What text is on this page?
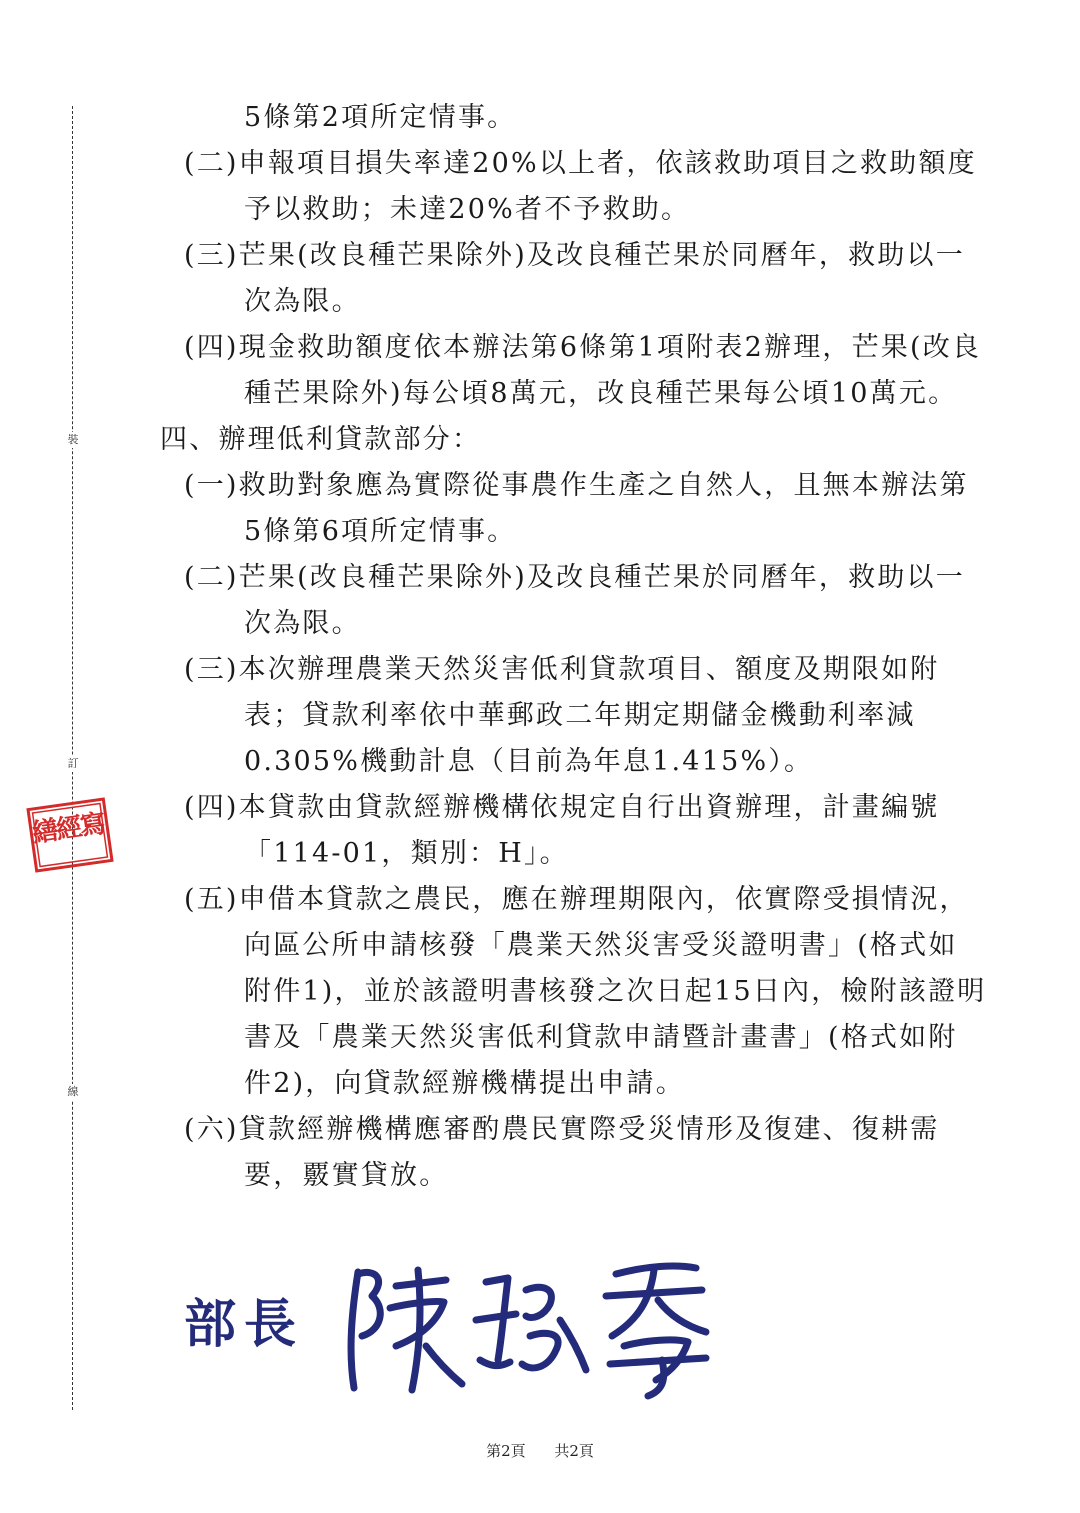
裝
訂
線
繕經寫
5條第2項所定情事。
(二)申報項目損失率達20%以上者，依該救助項目之救助額度
予以救助；未達20%者不予救助。
(三)芒果(改良種芒果除外)及改良種芒果於同曆年，救助以一
次為限。
(四)現金救助額度依本辦法第6條第1項附表2辦理，芒果(改良
種芒果除外)每公頃8萬元，改良種芒果每公頃10萬元。
四、辦理低利貸款部分：
(一)救助對象應為實際從事農作生產之自然人，且無本辦法第
5條第6項所定情事。
(二)芒果(改良種芒果除外)及改良種芒果於同曆年，救助以一
次為限。
(三)本次辦理農業天然災害低利貸款項目、額度及期限如附
表；貸款利率依中華郵政二年期定期儲金機動利率減
0.305%機動計息（目前為年息1.415%）。
(四)本貸款由貸款經辦機構依規定自行出資辦理，計畫編號
「114-01，類別：H」。
(五)申借本貸款之農民，應在辦理期限內，依實際受損情況，
向區公所申請核發「農業天然災害受災證明書」(格式如
附件1)，並於該證明書核發之次日起15日內，檢附該證明
書及「農業天然災害低利貸款申請暨計畫書」(格式如附
件2)，向貸款經辦機構提出申請。
(六)貸款經辦機構應審酌農民實際受災情形及復建、復耕需
要，覈實貸放。
部長
第2頁 共2頁
